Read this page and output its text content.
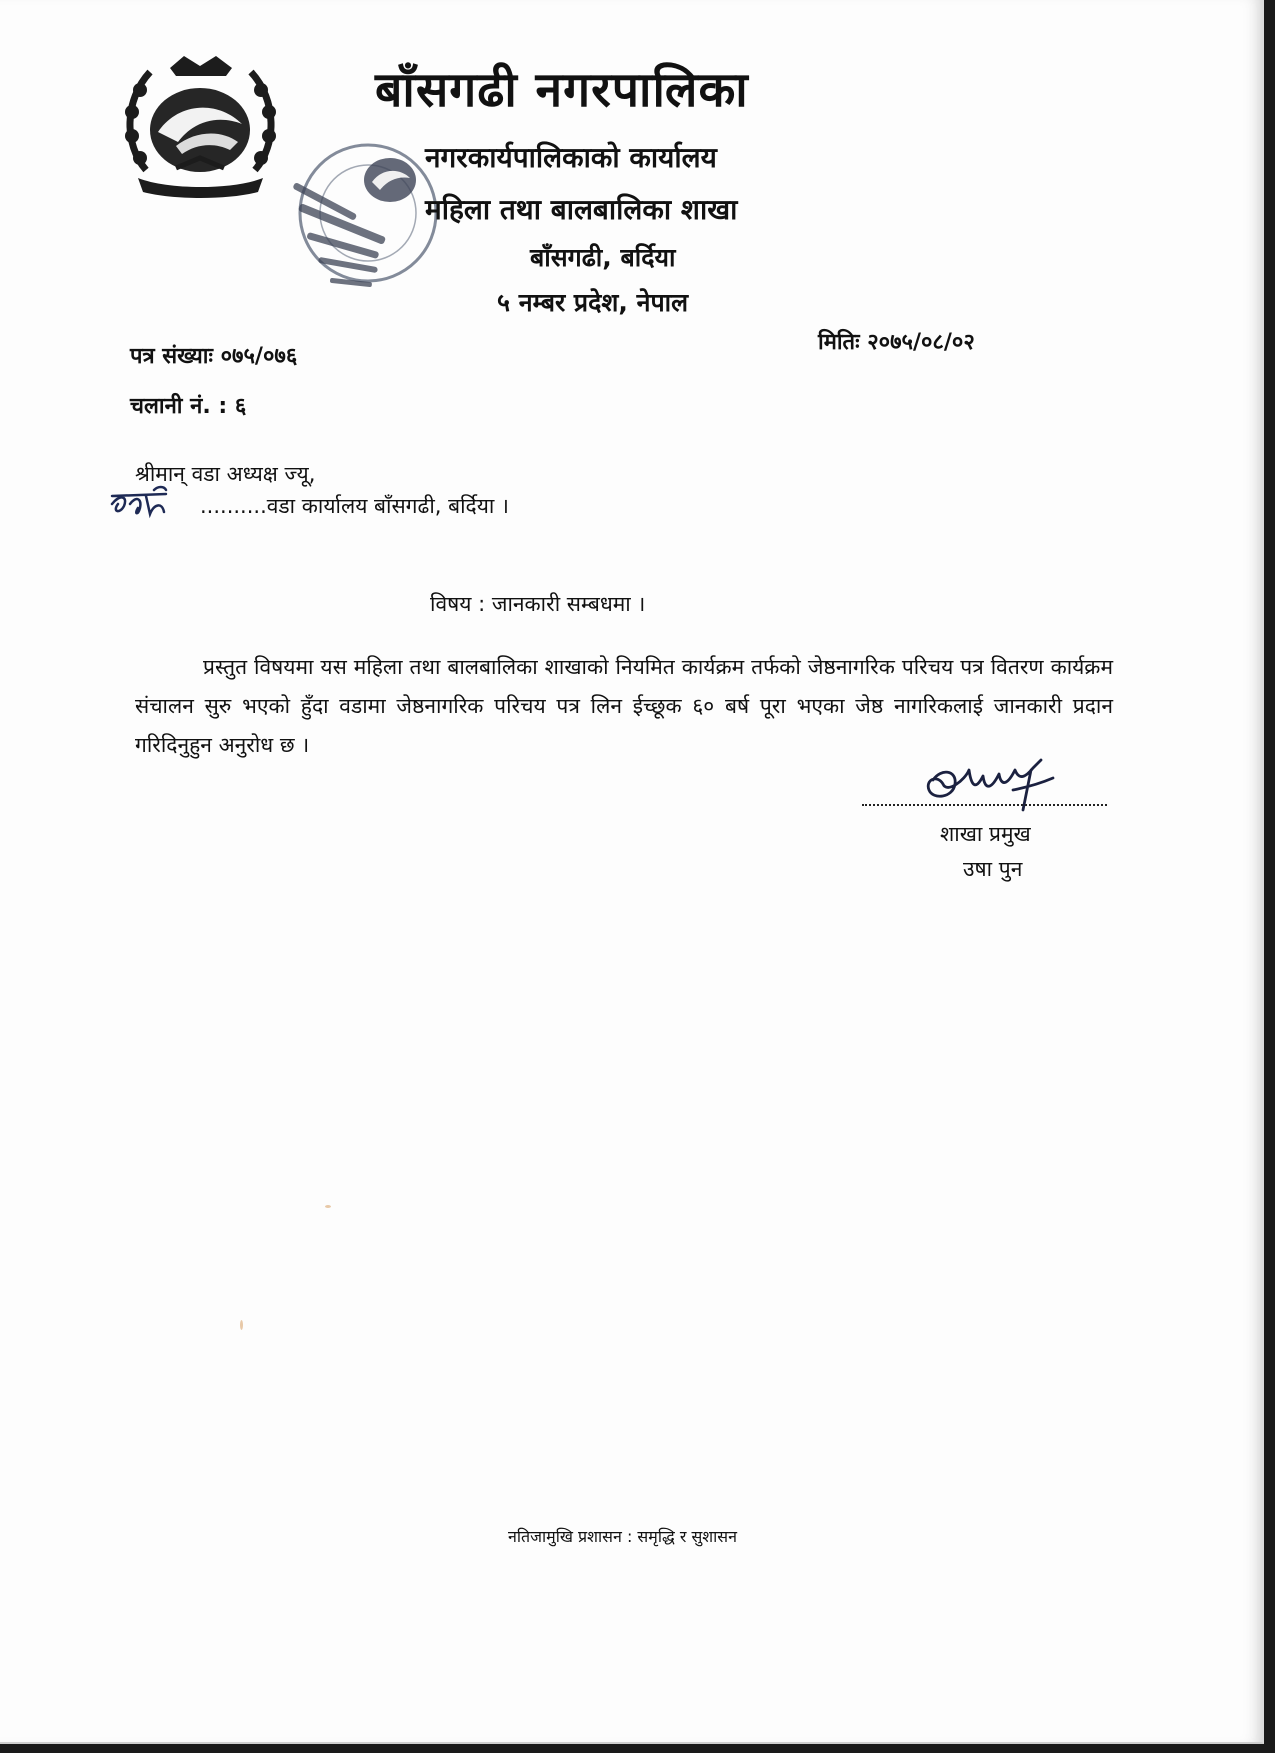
बाँसगढी नगरपालिका
नगरकार्यपालिकाको कार्यालय
महिला तथा बालबालिका शाखा
बाँसगढी, बर्दिया
५ नम्बर प्रदेश, नेपाल
पत्र संख्याः ०७५/०७६
मितिः २०७५/०८/०२
चलानी नं. : ६
श्रीमान् वडा अध्यक्ष ज्यू,
..........वडा कार्यालय बाँसगढी, बर्दिया ।
विषय : जानकारी सम्बधमा ।
प्रस्तुत विषयमा यस महिला तथा बालबालिका शाखाको नियमित कार्यक्रम तर्फको जेष्ठनागरिक परिचय पत्र वितरण कार्यक्रम संचालन सुरु भएको हुँदा वडामा जेष्ठनागरिक परिचय पत्र लिन ईच्छूक ६० बर्ष पूरा भएका जेष्ठ नागरिकलाई जानकारी प्रदान गरिदिनुहुन अनुरोध छ ।
शाखा प्रमुख
उषा पुन
नतिजामुखि प्रशासन : समृद्धि र सुशासन
